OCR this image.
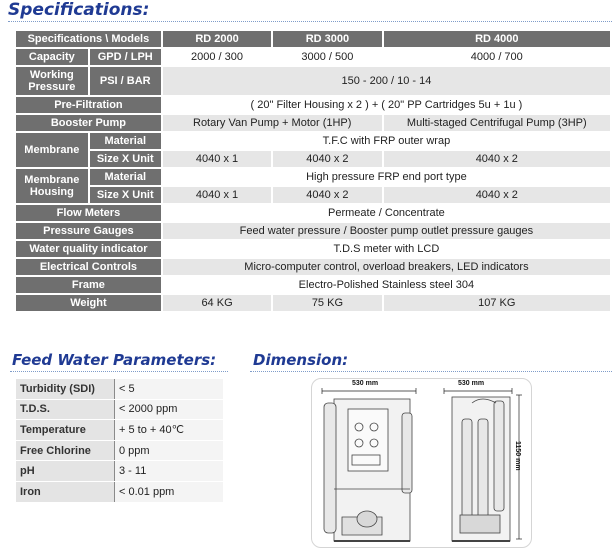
Specifications:
Specifications \ Models		RD 2000	RD 3000	RD 4000
Capacity	GPD / LPH	2000 / 300	3000 / 500	4000 / 700
Working Pressure	PSI / BAR	150 - 200 / 10 - 14		
Pre-Filtration		( 20" Filter Housing x 2 ) + ( 20" PP Cartridges 5u + 1u )		
Booster Pump		Rotary Van Pump + Motor (1HP)		Multi-staged Centrifugal Pump (3HP)
Membrane	Material	T.F.C with FRP outer wrap		
	Size X Unit	4040 x 1	4040 x 2	4040 x 2
Membrane Housing	Material	High pressure FRP end port type		
	Size X Unit	4040 x 1	4040 x 2	4040 x 2
Flow Meters		Permeate / Concentrate		
Pressure Gauges		Feed water pressure / Booster pump outlet pressure gauges		
Water quality indicator		T.D.S meter with LCD		
Electrical Controls		Micro-computer control, overload breakers, LED indicators		
Frame		Electro-Polished Stainless steel 304		
Weight		64 KG	75 KG	107 KG
Feed Water Parameters:
Turbidity (SDI)	< 5
T.D.S.	< 2000 ppm
Temperature	+ 5 to + 40℃
Free Chlorine	0 ppm
pH	3 - 11
Iron	< 0.01 ppm
Dimension:
530 mm	530 mm
1150 mm
